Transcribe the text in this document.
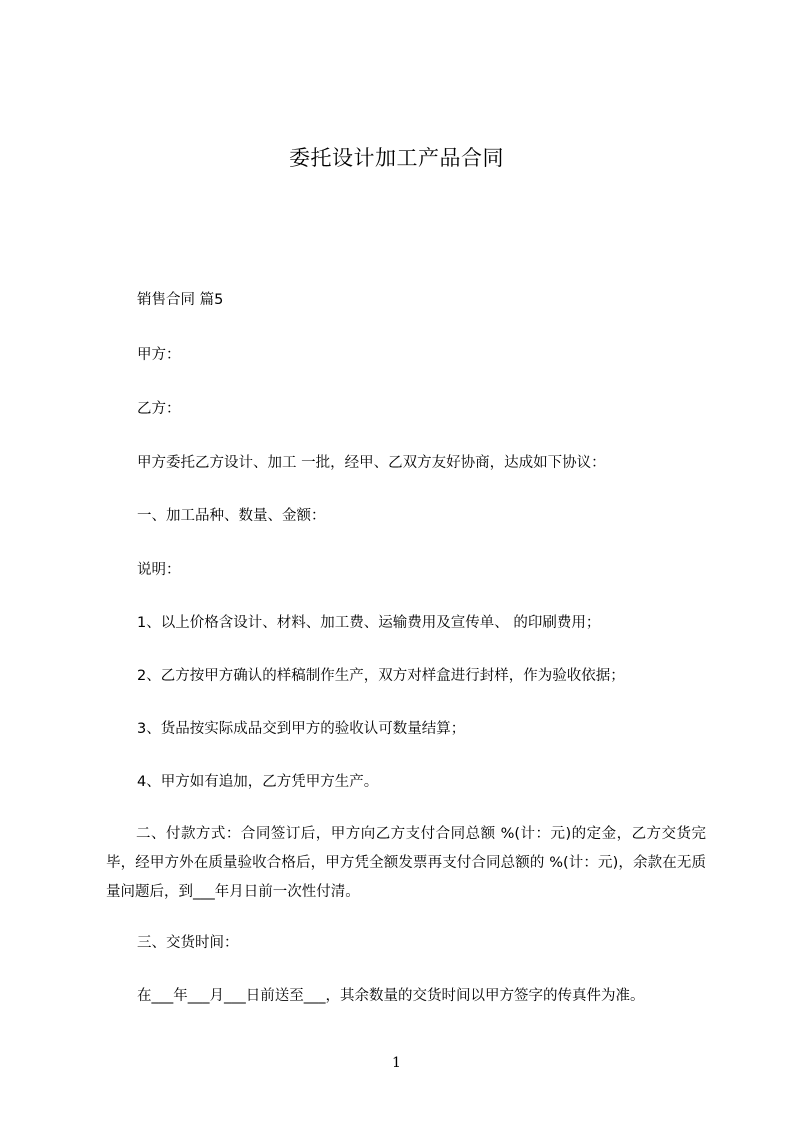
委托设计加工产品合同
销售合同 篇5
甲方：
乙方：
甲方委托乙方设计、加工 一批，经甲、乙双方友好协商，达成如下协议：
一、加工品种、数量、金额：
说明：
1、以上价格含设计、材料、加工费、运输费用及宣传单、 的印刷费用；
2、乙方按甲方确认的样稿制作生产，双方对样盒进行封样，作为验收依据；
3、货品按实际成品交到甲方的验收认可数量结算；
4、甲方如有追加，乙方凭甲方生产。
二、付款方式：合同签订后，甲方向乙方支付合同总额 %(计：元)的定金，乙方交货完毕，经甲方外在质量验收合格后，甲方凭全额发票再支付合同总额的 %(计：元)，余款在无质量问题后，到___年月日前一次性付清。
三、交货时间：
在___年___月___日前送至___，其余数量的交货时间以甲方签字的传真件为准。
1
